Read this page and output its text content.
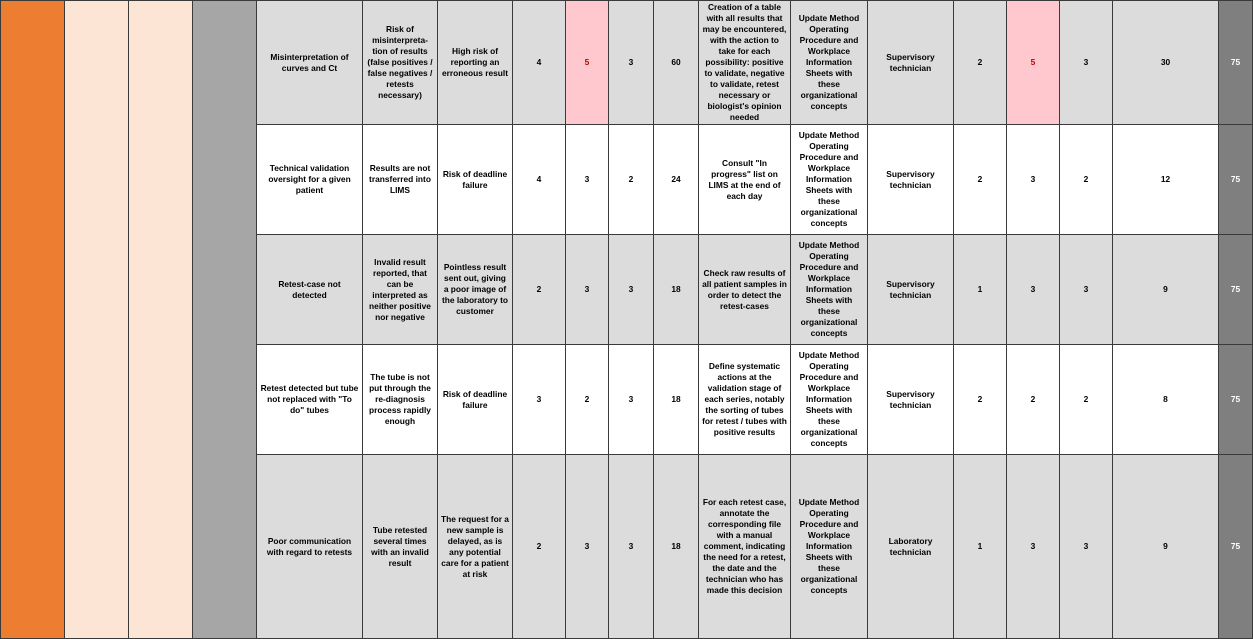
				Misinterpretation of curves and Ct	Risk of misinterpreta-tion of results (false positives / false negatives / retests necessary)	High risk of reporting an erroneous result	4	5	3	60	Creation of a table with all results that may be encountered, with the action to take for each possibility: positive to validate, negative to validate, retest necessary or biologist's opinion needed	Update Method Operating Procedure and Workplace Information Sheets with these organizational concepts	Supervisory technician	2	5	3	30	75
				Technical validation oversight for a given patient	Results are not transferred into LIMS	Risk of deadline failure	4	3	2	24	Consult "In progress" list on LIMS at the end of each day	Update Method Operating Procedure and Workplace Information Sheets with these organizational concepts	Supervisory technician	2	3	2	12	75
				Retest-case not detected	Invalid result reported, that can be interpreted as neither positive nor negative	Pointless result sent out, giving a poor image of the laboratory to customer	2	3	3	18	Check raw results of all patient samples in order to detect the retest-cases	Update Method Operating Procedure and Workplace Information Sheets with these organizational concepts	Supervisory technician	1	3	3	9	75
				Retest detected but tube not replaced with "To do" tubes	The tube is not put through the re-diagnosis process rapidly enough	Risk of deadline failure	3	2	3	18	Define systematic actions at the validation stage of each series, notably the sorting of tubes for retest / tubes with positive results	Update Method Operating Procedure and Workplace Information Sheets with these organizational concepts	Supervisory technician	2	2	2	8	75
				Poor communication with regard to retests	Tube retested several times with an invalid result	The request for a new sample is delayed, as is any potential care for a patient at risk	2	3	3	18	For each retest case, annotate the corresponding file with a manual comment, indicating the need for a retest, the date and the technician who has made this decision	Update Method Operating Procedure and Workplace Information Sheets with these organizational concepts	Laboratory technician	1	3	3	9	75
